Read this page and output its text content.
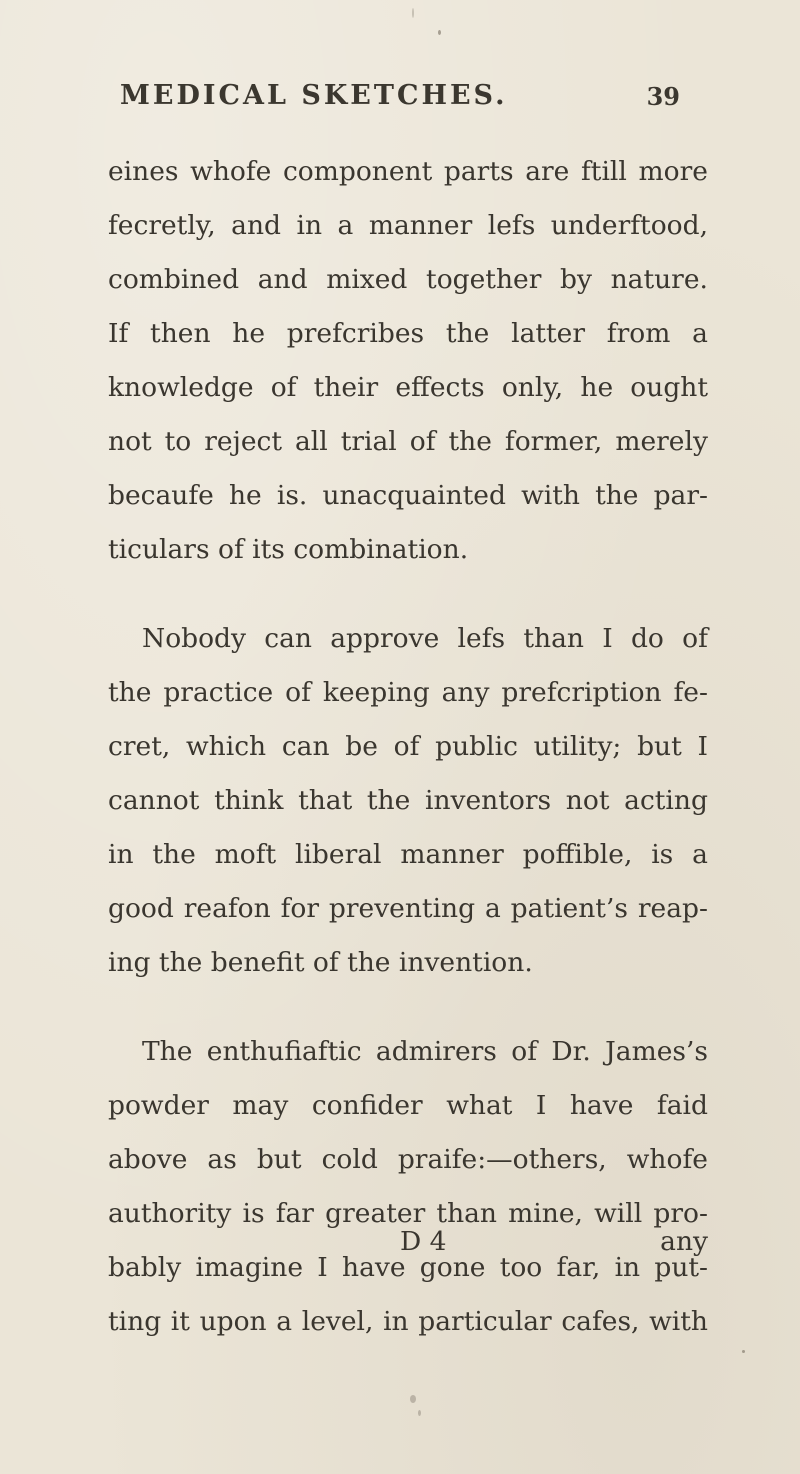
MEDICAL SKETCHES.	39
eines whofe component parts are ftill more
fecretly, and in a manner lefs underftood,
combined and mixed together by nature.
If then he prefcribes the latter from a
knowledge of their effects only, he ought
not to reject all trial of the former, merely
becaufe he is. unacquainted with the par-
ticulars of its combination.
Nobody can approve lefs than I do of
the practice of keeping any prefcription fe-
cret, which can be of public utility; but I
cannot think that the inventors not acting
in the moft liberal manner poffible, is a
good reafon for preventing a patient’s reap-
ing the benefit of the invention.
The enthufiaftic admirers of Dr. James’s
powder may confider what I have faid
above as but cold praife:—others, whofe
authority is far greater than mine, will pro-
bably imagine I have gone too far, in put-
ting it upon a level, in particular cafes, with
D 4	any
